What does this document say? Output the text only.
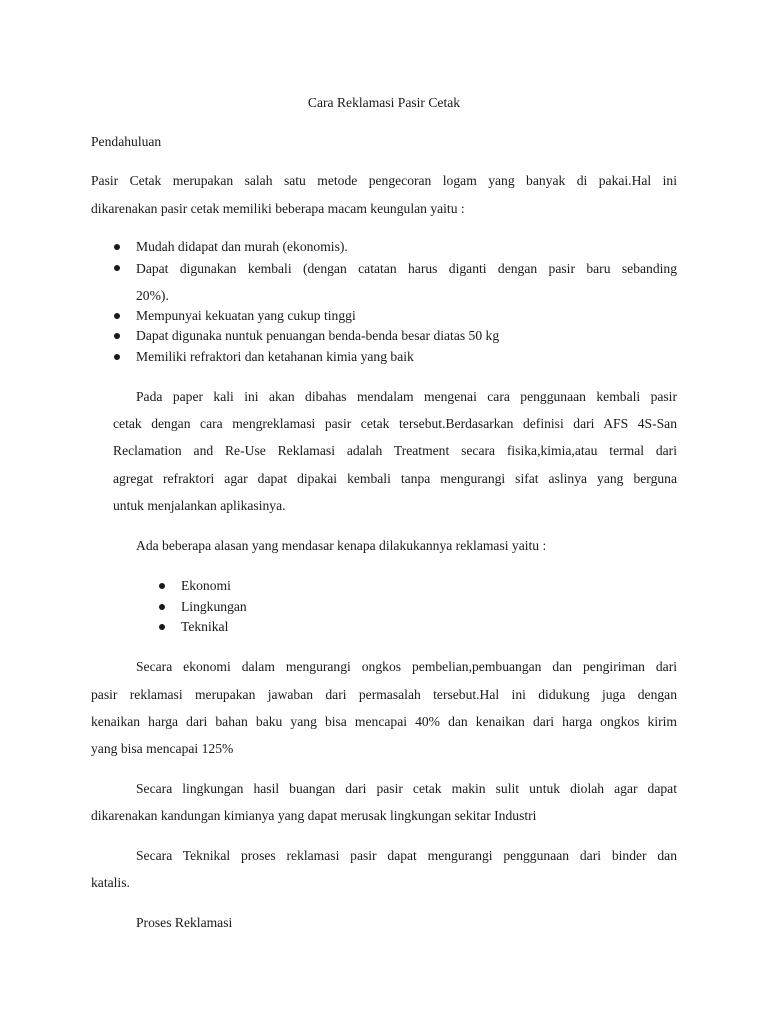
Cara Reklamasi Pasir Cetak
Pendahuluan
Pasir Cetak merupakan salah satu metode pengecoran logam yang banyak di pakai.Hal ini
dikarenakan pasir cetak memiliki beberapa macam keungulan yaitu :
Mudah didapat dan murah (ekonomis).
Dapat digunakan kembali (dengan catatan harus diganti dengan pasir baru sebanding
20%).
Mempunyai kekuatan yang cukup tinggi
Dapat digunaka nuntuk penuangan benda-benda besar diatas 50 kg
Memiliki refraktori dan ketahanan kimia yang baik
Pada paper kali ini akan dibahas mendalam mengenai cara penggunaan kembali pasir
cetak dengan cara mengreklamasi pasir cetak tersebut.Berdasarkan definisi dari AFS 4S-San
Reclamation and Re-Use Reklamasi adalah Treatment secara fisika,kimia,atau termal dari
agregat refraktori agar dapat dipakai kembali tanpa mengurangi sifat aslinya yang berguna
untuk menjalankan aplikasinya.
Ada beberapa alasan yang mendasar kenapa dilakukannya reklamasi yaitu :
Ekonomi
Lingkungan
Teknikal
Secara ekonomi dalam mengurangi ongkos pembelian,pembuangan dan pengiriman dari
pasir reklamasi merupakan jawaban dari permasalah tersebut.Hal ini didukung juga dengan
kenaikan harga dari bahan baku yang bisa mencapai 40% dan kenaikan dari harga ongkos kirim
yang bisa mencapai 125%
Secara lingkungan hasil buangan dari pasir cetak makin sulit untuk diolah agar dapat
dikarenakan kandungan kimianya yang dapat merusak lingkungan sekitar Industri
Secara Teknikal proses reklamasi pasir dapat mengurangi penggunaan dari binder dan
katalis.
Proses Reklamasi
